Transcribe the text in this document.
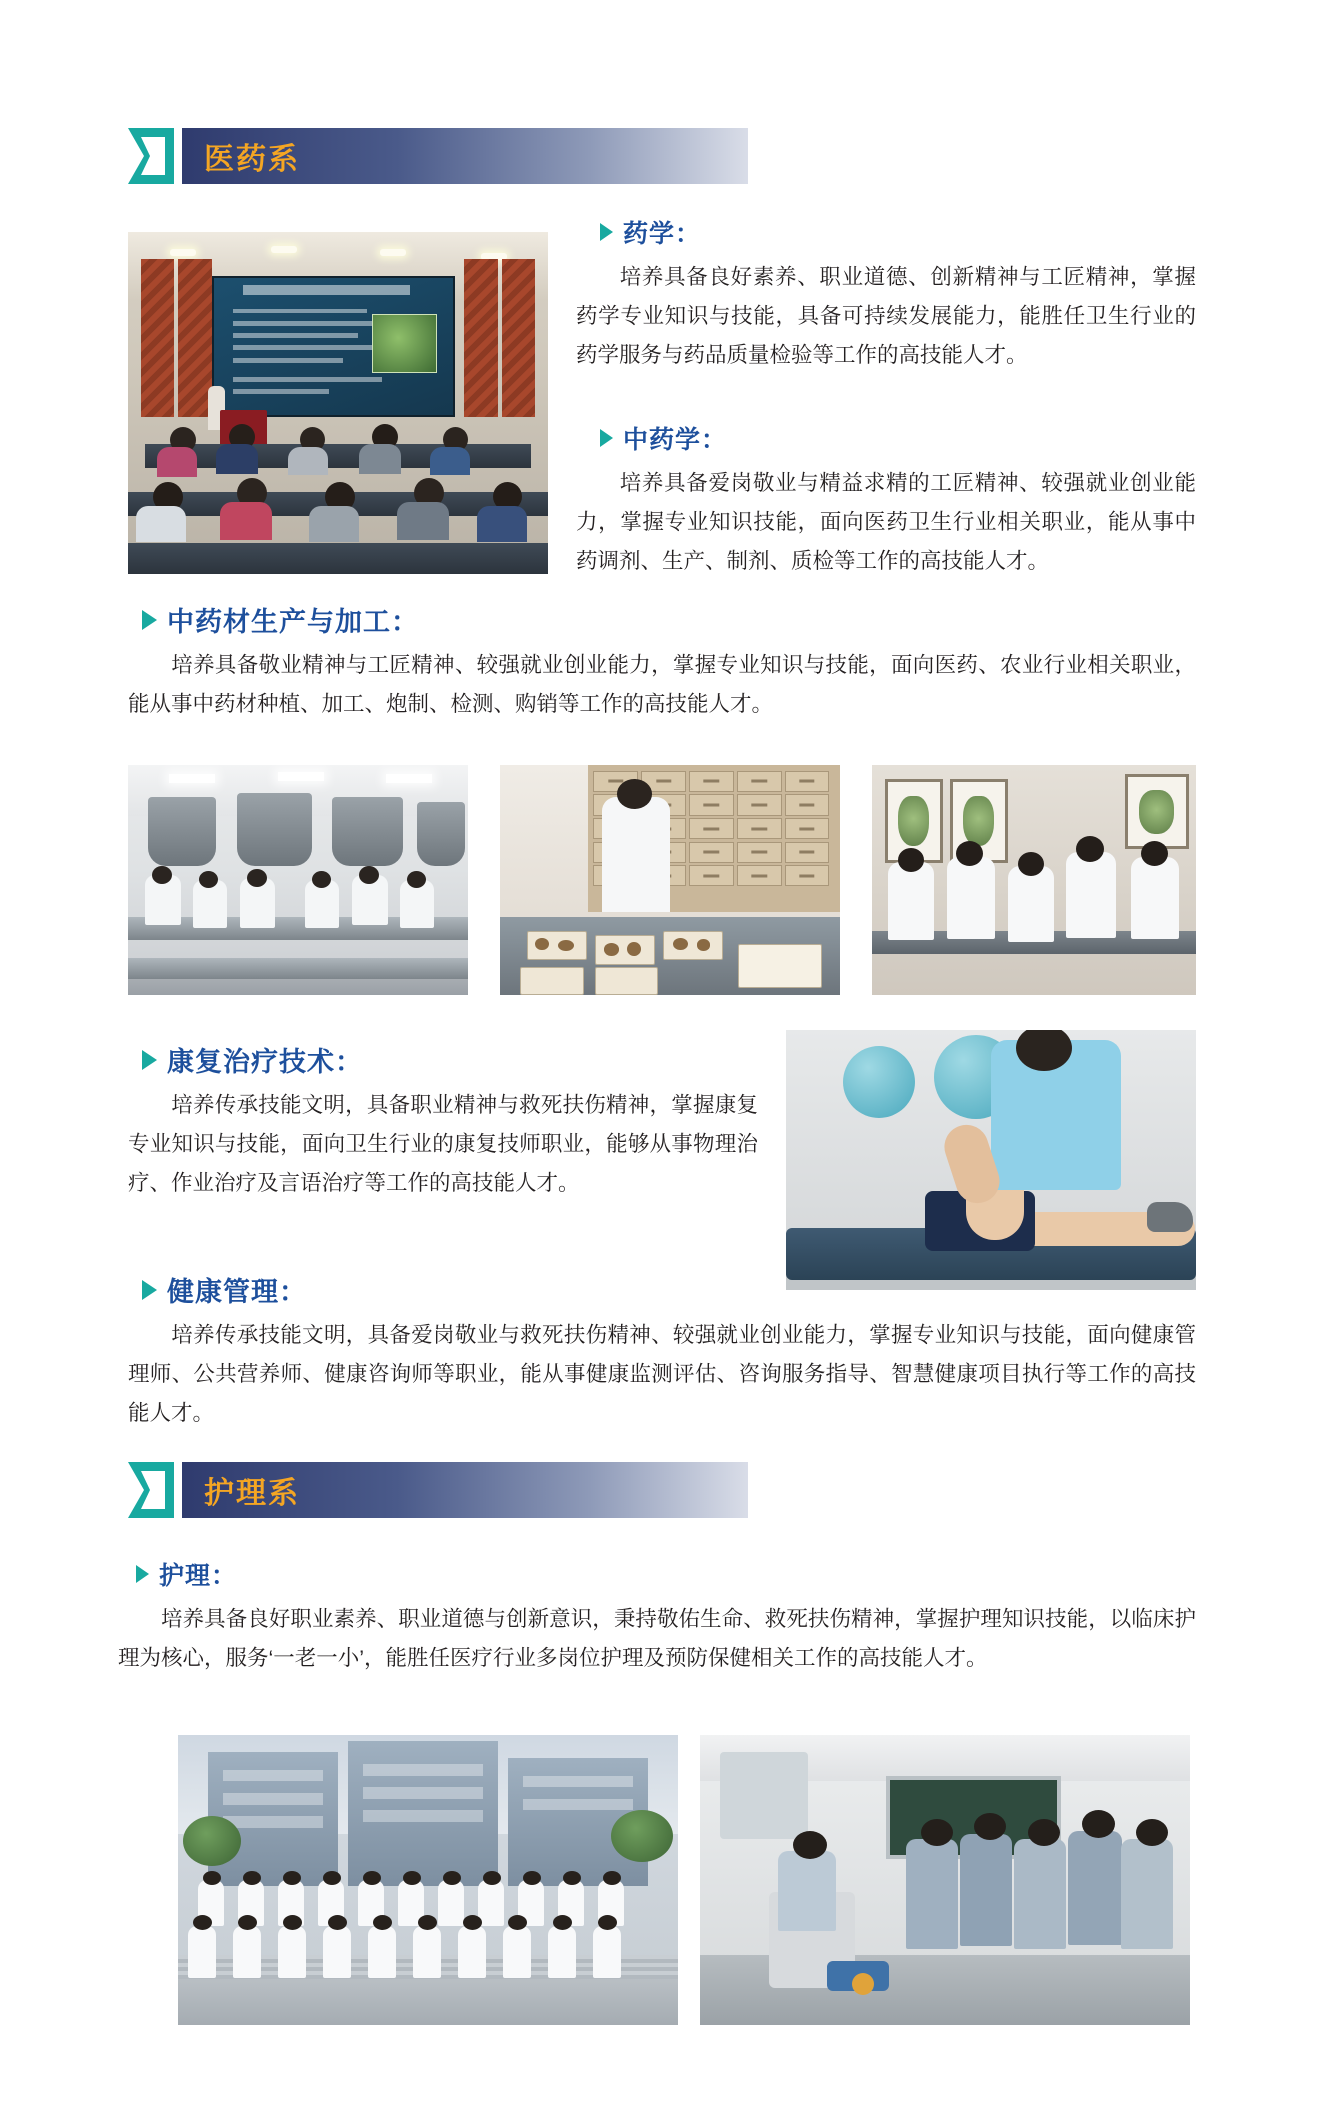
医药系
药学：
培养具备良好素养、职业道德、创新精神与工匠精神，掌握药学专业知识与技能，具备可持续发展能力，能胜任卫生行业的药学服务与药品质量检验等工作的高技能人才。
中药学：
培养具备爱岗敬业与精益求精的工匠精神、较强就业创业能力，掌握专业知识技能，面向医药卫生行业相关职业，能从事中药调剂、生产、制剂、质检等工作的高技能人才。
中药材生产与加工：
培养具备敬业精神与工匠精神、较强就业创业能力，掌握专业知识与技能，面向医药、农业行业相关职业，能从事中药材种植、加工、炮制、检测、购销等工作的高技能人才。
康复治疗技术：
培养传承技能文明，具备职业精神与救死扶伤精神，掌握康复专业知识与技能，面向卫生行业的康复技师职业，能够从事物理治疗、作业治疗及言语治疗等工作的高技能人才。
健康管理：
培养传承技能文明，具备爱岗敬业与救死扶伤精神、较强就业创业能力，掌握专业知识与技能，面向健康管理师、公共营养师、健康咨询师等职业，能从事健康监测评估、咨询服务指导、智慧健康项目执行等工作的高技能人才。
护理系
护理：
培养具备良好职业素养、职业道德与创新意识，秉持敬佑生命、救死扶伤精神，掌握护理知识技能，以临床护理为核心，服务‘一老一小’，能胜任医疗行业多岗位护理及预防保健相关工作的高技能人才。
